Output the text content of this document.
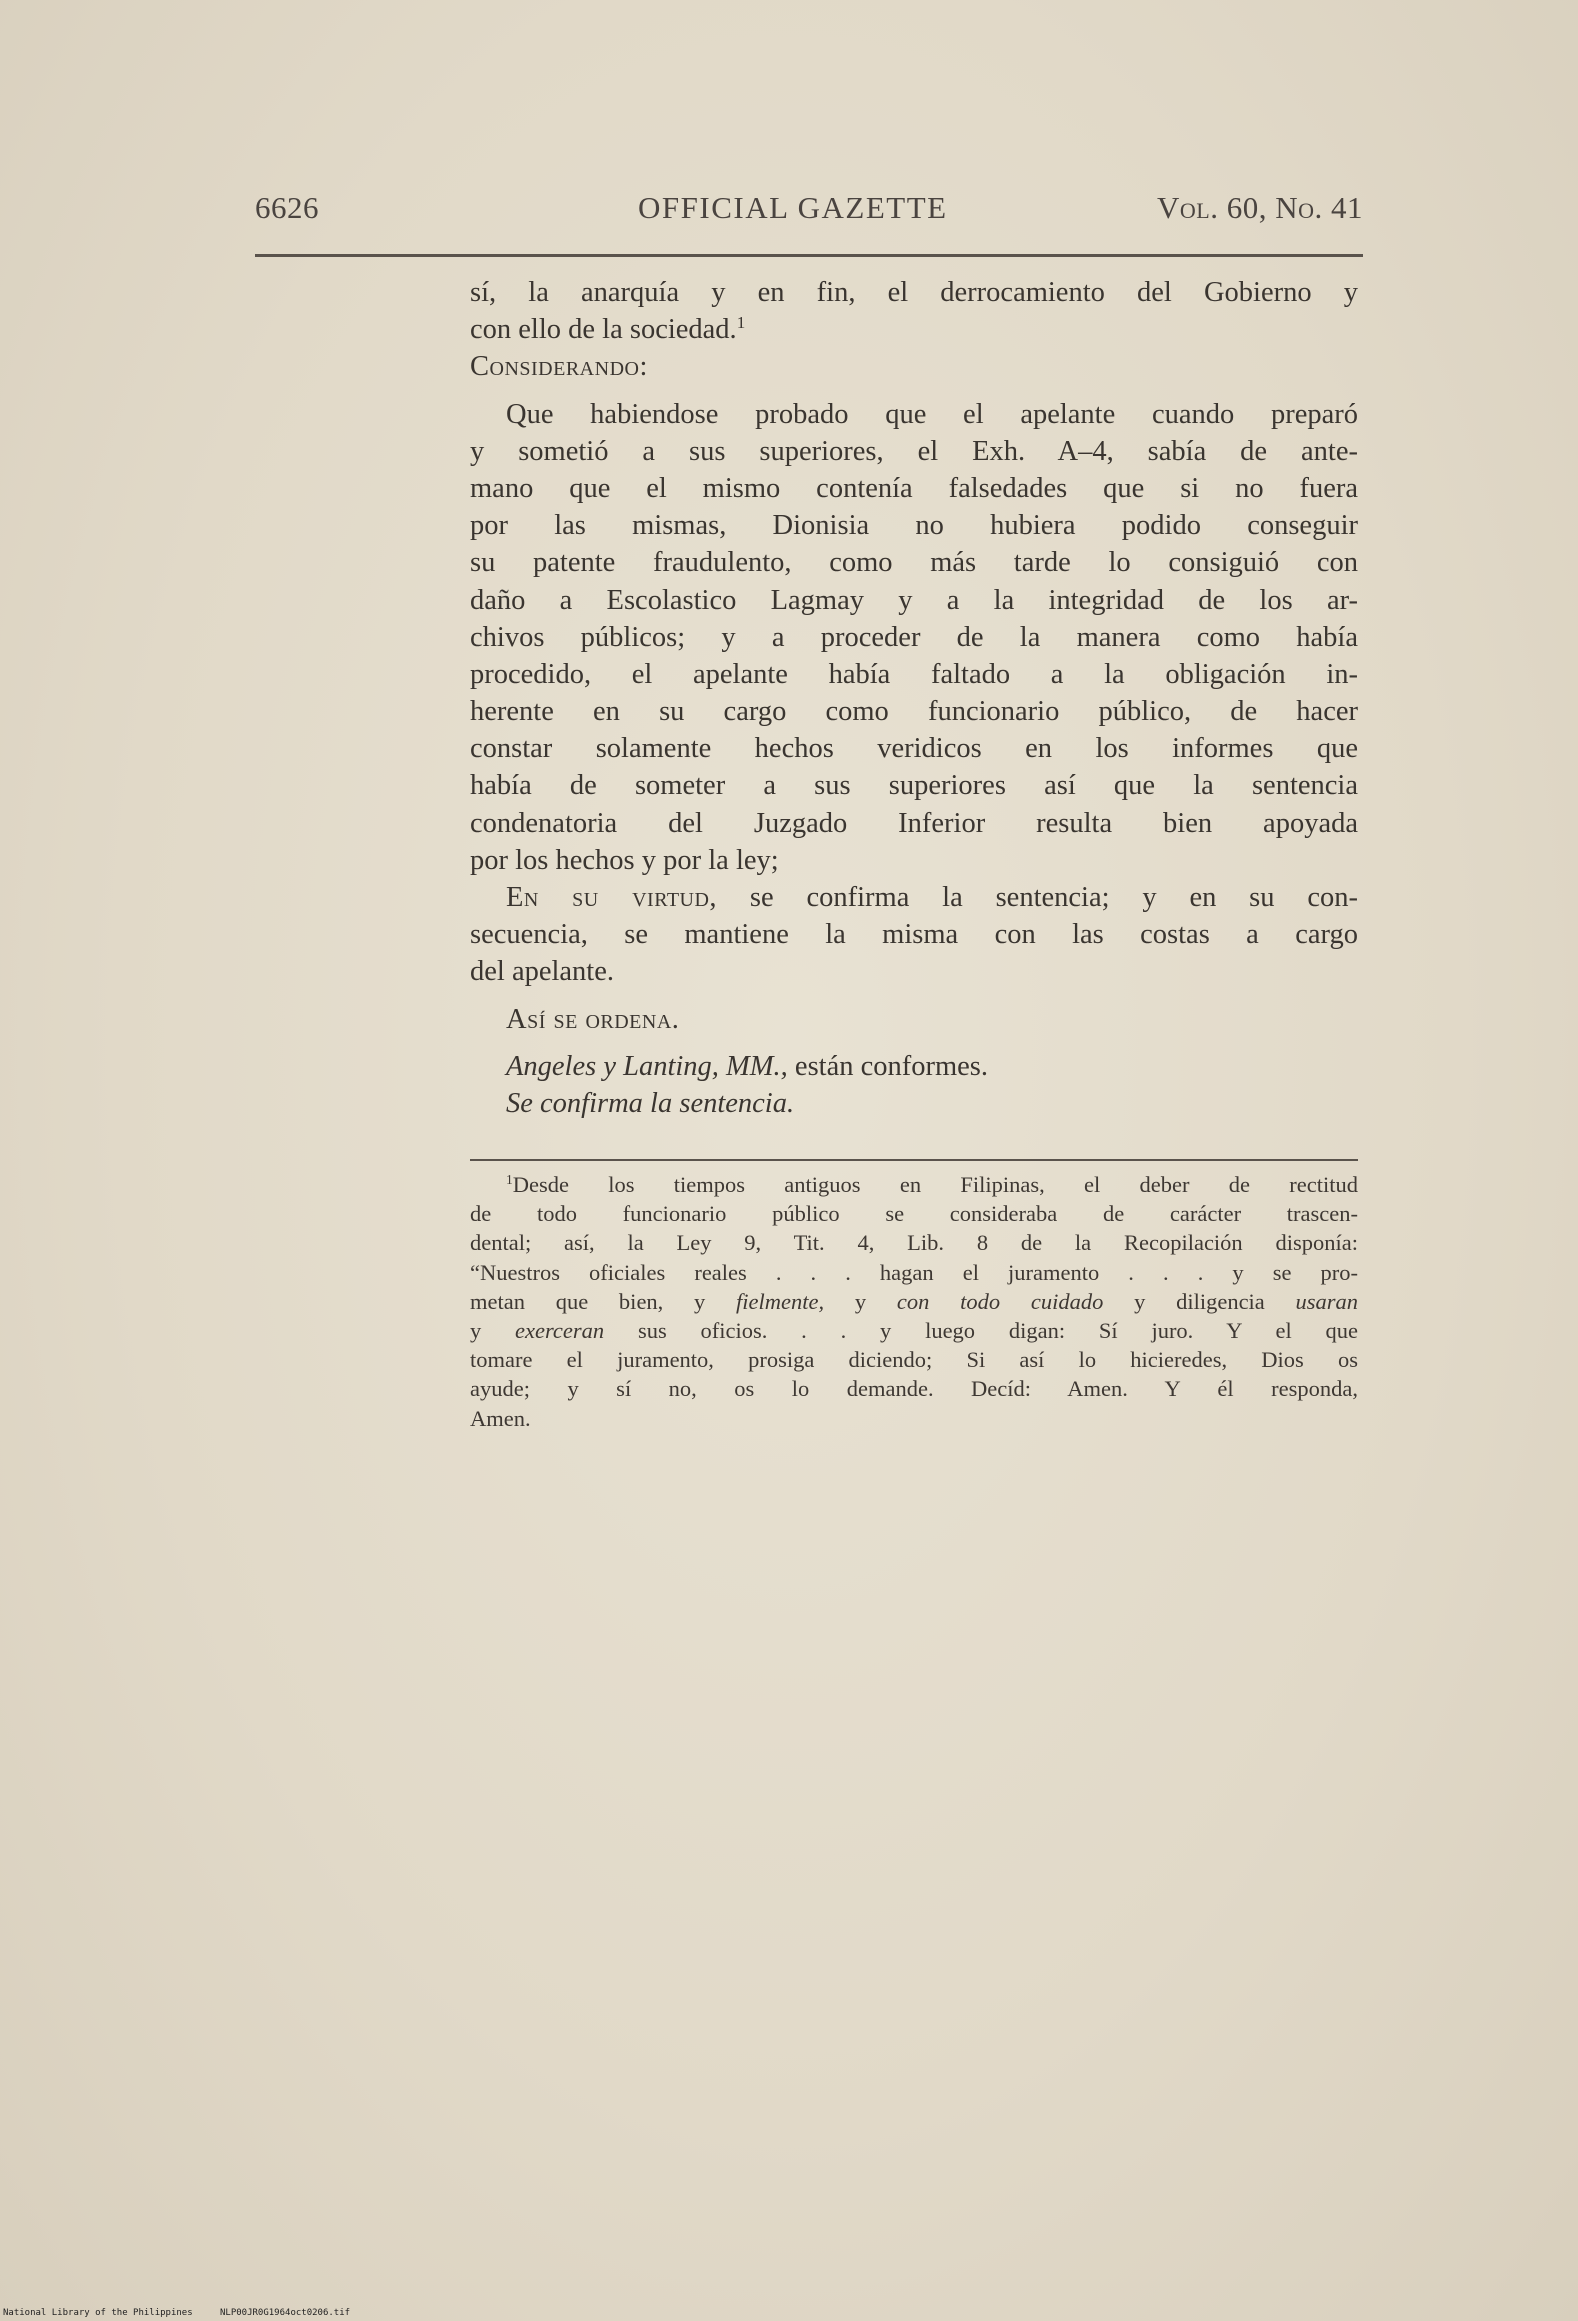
6626	OFFICIAL GAZETTE	Vol. 60, No. 41
sí, la anarquía y en fin, el derrocamiento del Gobierno y
con ello de la sociedad.$^1$
Considerando:
Que habiendose probado que el apelante cuando preparó
y sometió a sus superiores, el Exh. A–4, sabía de ante-
mano que el mismo contenía falsedades que si no fuera
por las mismas, Dionisia no hubiera podido conseguir
su patente fraudulento, como más tarde lo consiguió con
daño a Escolastico Lagmay y a la integridad de los ar-
chivos públicos; y a proceder de la manera como había
procedido, el apelante había faltado a la obligación in-
herente en su cargo como funcionario público, de hacer
constar solamente hechos veridicos en los informes que
había de someter a sus superiores así que la sentencia
condenatoria del Juzgado Inferior resulta bien apoyada
por los hechos y por la ley;
En su virtud, se confirma la sentencia; y en su con-
secuencia, se mantiene la misma con las costas a cargo
del apelante.
Así se ordena.
Angeles y Lanting, MM., están conformes.
Se confirma la sentencia.
$^1$Desde los tiempos antiguos en Filipinas, el deber de rectitud
de todo funcionario público se consideraba de carácter trascen-
dental; así, la Ley 9, Tit. 4, Lib. 8 de la Recopilación disponía:
“Nuestros oficiales reales . . . hagan el juramento . . . y se pro-
metan que bien, y fielmente, y con todo cuidado y diligencia usaran
y exerceran sus oficios. . . y luego digan: Sí juro. Y el que
tomare el juramento, prosiga diciendo; Si así lo hicieredes, Dios os
ayude; y sí no, os lo demande. Decíd: Amen. Y él responda,
Amen.
National Library of the Philippines	NLP00JR0G1964oct0206.tif
